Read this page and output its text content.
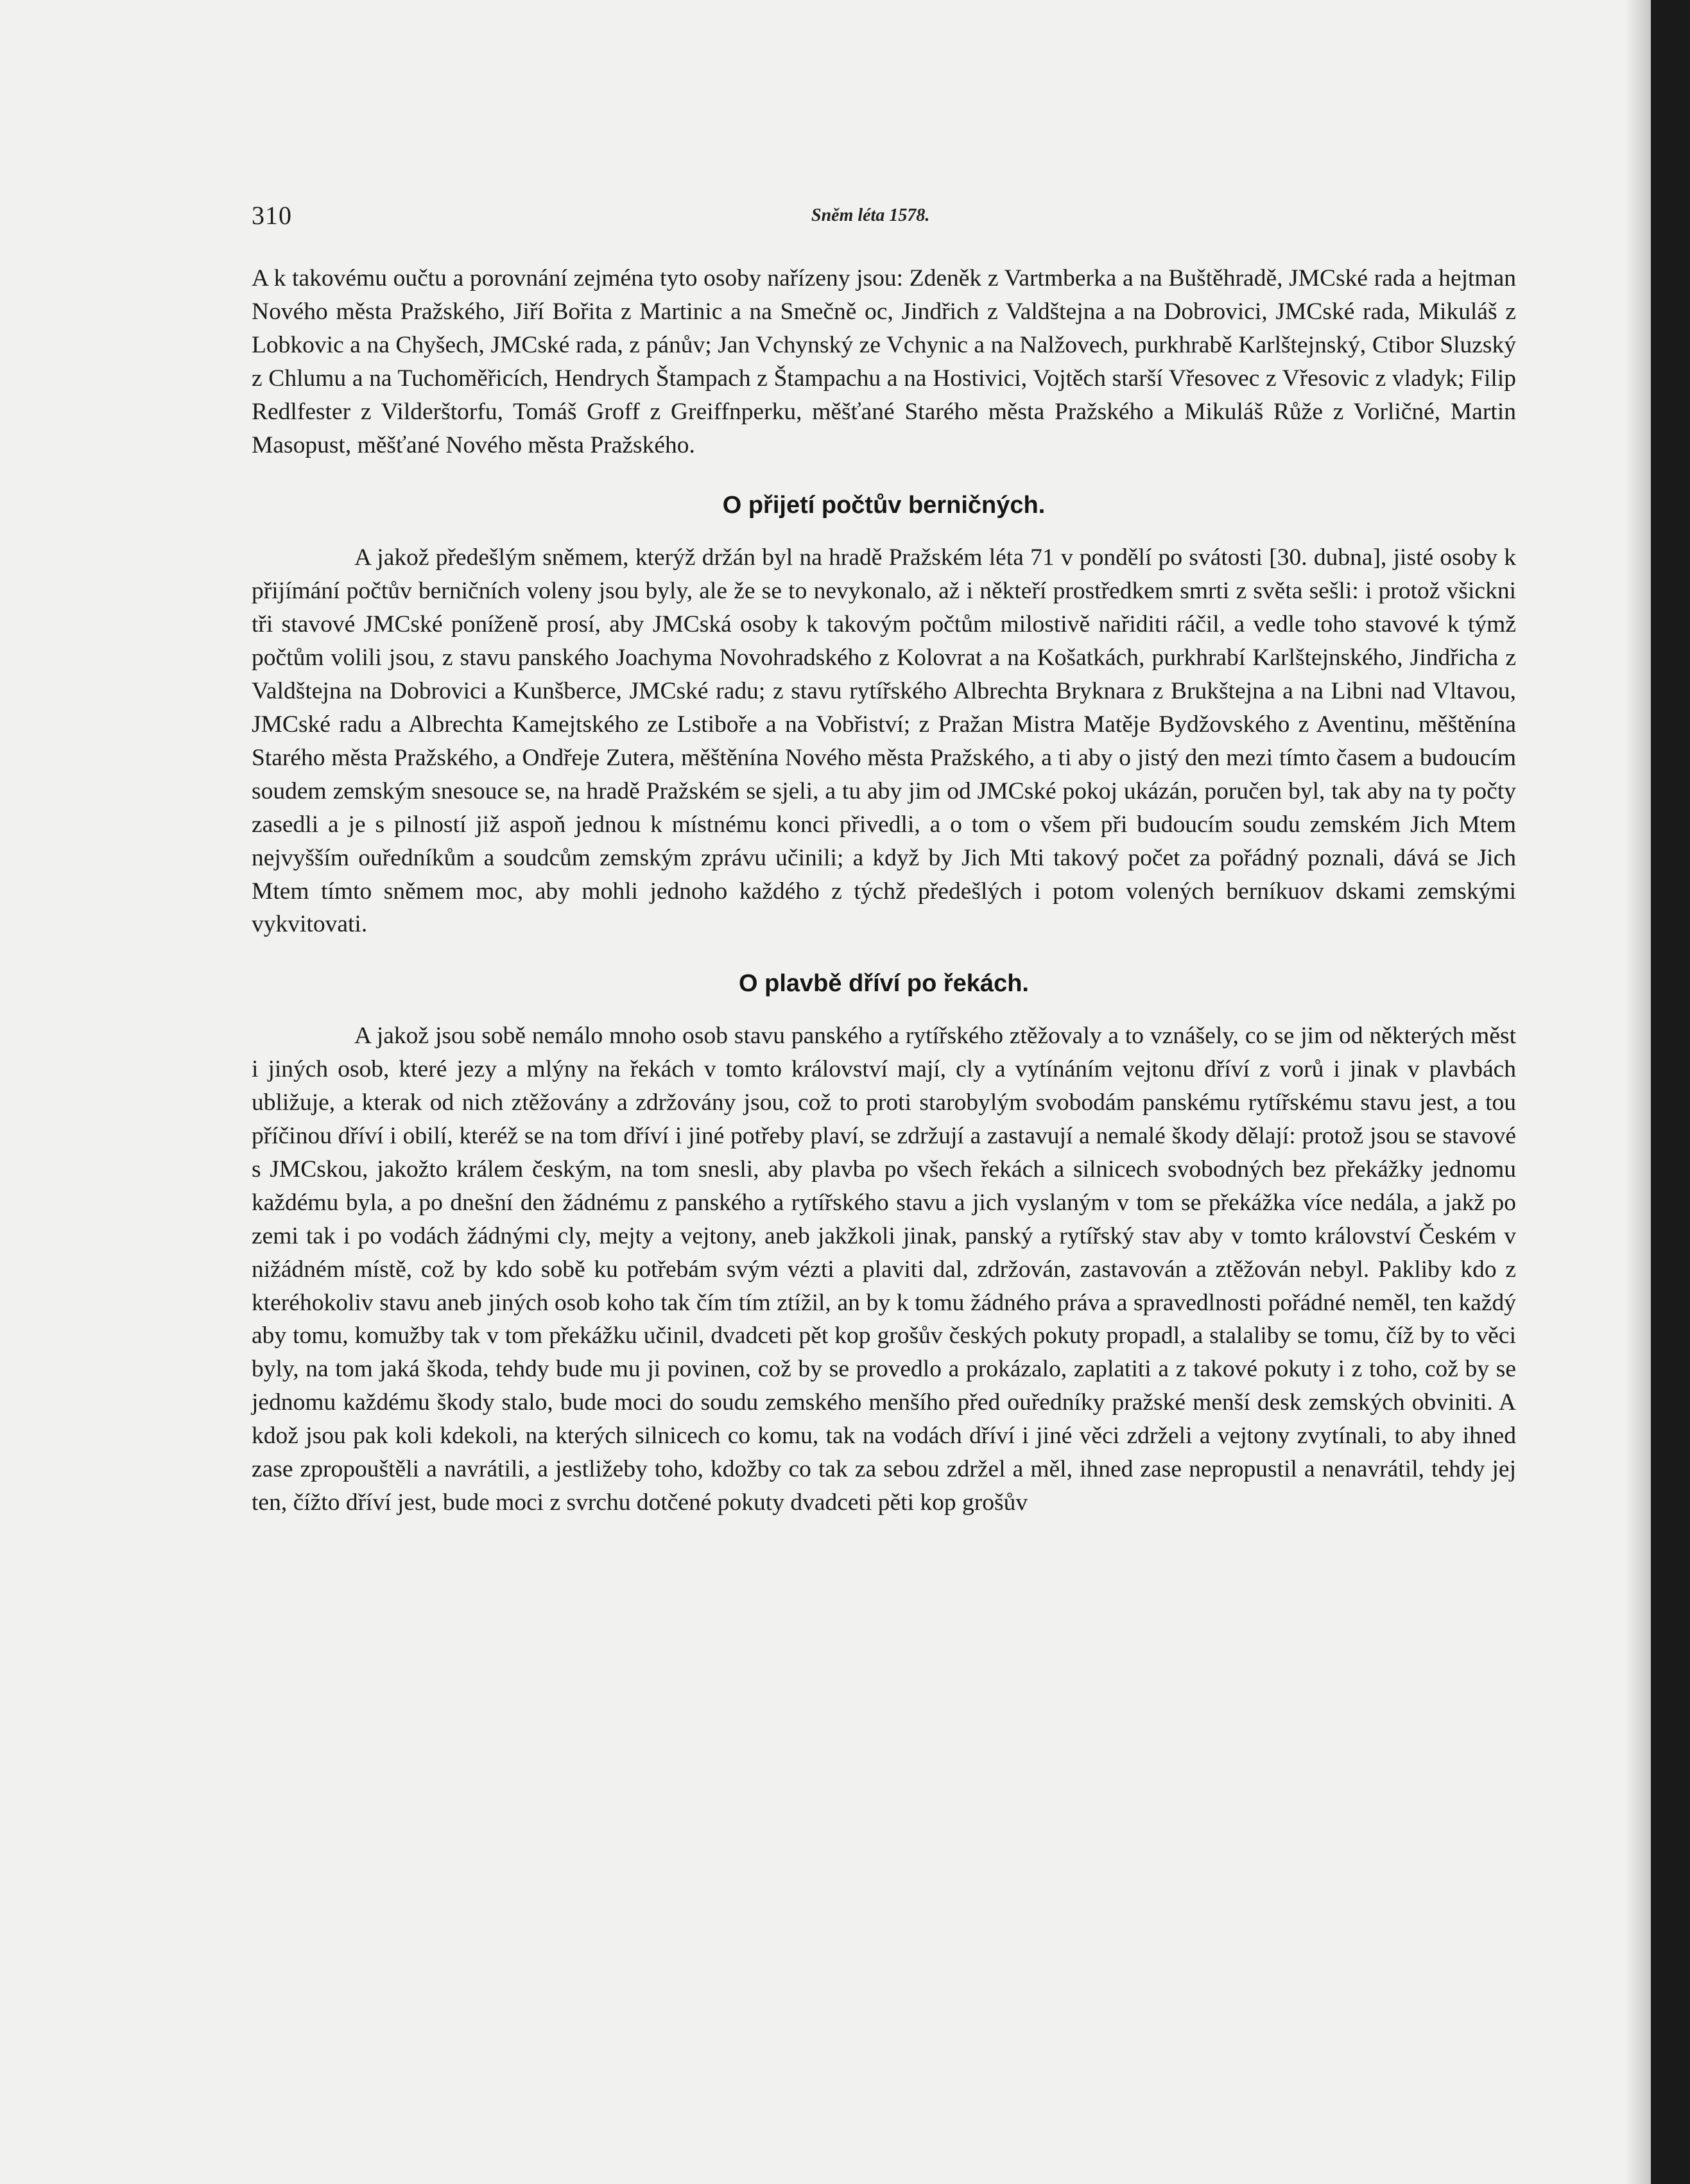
310	Sněm léta 1578.

A k takovému oučtu a porovnání zejména tyto osoby nařízeny jsou: Zdeněk z Vartmberka a na Buštěhradě, JMCské rada a hejtman Nového města Pražského, Jiří Bořita z Martinic a na Smečně oc, Jindřich z Valdštejna a na Dobrovici, JMCské rada, Mikuláš z Lobkovic a na Chyšech, JMCské rada, z pánův; Jan Vchynský ze Vchynic a na Nalžovech, purkhrabě Karlštejnský, Ctibor Sluzský z Chlumu a na Tuchoměřicích, Hendrych Štampach z Štampachu a na Hostivici, Vojtěch starší Vřesovec z Vřesovic z vladyk; Filip Redlfester z Vilderštorfu, Tomáš Groff z Greiffnperku, měšťané Starého města Pražského a Mikuláš Růže z Vorličné, Martin Masopust, měšťané Nového města Pražského.

O přijetí počtův berničných.

A jakož předešlým sněmem, kterýž držán byl na hradě Pražském léta 71 v pondělí po svátosti [30. dubna], jisté osoby k přijímání počtův berničních voleny jsou byly, ale že se to nevykonalo, až i někteří prostředkem smrti z světa sešli: i protož všickni tři stavové JMCské poníženě prosí, aby JMCská osoby k takovým počtům milostivě nařiditi ráčil, a vedle toho stavové k týmž počtům volili jsou, z stavu panského Joachyma Novohradského z Kolovrat a na Košatkách, purkhrabí Karlštejnského, Jindřicha z Valdštejna na Dobrovici a Kunšberce, JMCské radu; z stavu rytířského Albrechta Bryknara z Brukštejna a na Libni nad Vltavou, JMCské radu a Albrechta Kamejtského ze Lstiboře a na Vobřiství; z Pražan Mistra Matěje Bydžovského z Aventinu, měštěnína Starého města Pražského, a Ondřeje Zutera, měštěnína Nového města Pražského, a ti aby o jistý den mezi tímto časem a budoucím soudem zemským snesouce se, na hradě Pražském se sjeli, a tu aby jim od JMCské pokoj ukázán, poručen byl, tak aby na ty počty zasedli a je s pilností již aspoň jednou k místnému konci přivedli, a o tom o všem při budoucím soudu zemském Jich Mtem nejvyšším ouředníkům a soudcům zemským zprávu učinili; a když by Jich Mti takový počet za pořádný poznali, dává se Jich Mtem tímto sněmem moc, aby mohli jednoho každého z týchž předešlých i potom volených berníkuov dskami zemskými vykvitovati.

O plavbě dříví po řekách.

A jakož jsou sobě nemálo mnoho osob stavu panského a rytířského ztěžovaly a to vznášely, co se jim od některých měst i jiných osob, které jezy a mlýny na řekách v tomto království mají, cly a vytínáním vejtonu dříví z vorů i jinak v plavbách ubližuje, a kterak od nich ztěžovány a zdržovány jsou, což to proti starobylým svobodám panskému rytířskému stavu jest, a tou příčinou dříví i obilí, kteréž se na tom dříví i jiné potřeby plaví, se zdržují a zastavují a nemalé škody dělají: protož jsou se stavové s JMCskou, jakožto králem českým, na tom snesli, aby plavba po všech řekách a silnicech svobodných bez překážky jednomu každému byla, a po dnešní den žádnému z panského a rytířského stavu a jich vyslaným v tom se překážka více nedála, a jakž po zemi tak i po vodách žádnými cly, mejty a vejtony, aneb jakžkoli jinak, panský a rytířský stav aby v tomto království Českém v nižádném místě, což by kdo sobě ku potřebám svým vézti a plaviti dal, zdržován, zastavován a ztěžován nebyl. Pakliby kdo z kteréhokoliv stavu aneb jiných osob koho tak čím tím ztížil, an by k tomu žádného práva a spravedlnosti pořádné neměl, ten každý aby tomu, komužby tak v tom překážku učinil, dvadceti pět kop grošův českých pokuty propadl, a stalaliby se tomu, číž by to věci byly, na tom jaká škoda, tehdy bude mu ji povinen, což by se provedlo a prokázalo, zaplatiti a z takové pokuty i z toho, což by se jednomu každému škody stalo, bude moci do soudu zemského menšího před ouředníky pražské menší desk zemských obviniti. A kdož jsou pak koli kdekoli, na kterých silnicech co komu, tak na vodách dříví i jiné věci zdrželi a vejtony zvytínali, to aby ihned zase zpropouštěli a navrátili, a jestližeby toho, kdožby co tak za sebou zdržel a měl, ihned zase nepropustil a nenavrátil, tehdy jej ten, čížto dříví jest, bude moci z svrchu dotčené pokuty dvadceti pěti kop grošův
